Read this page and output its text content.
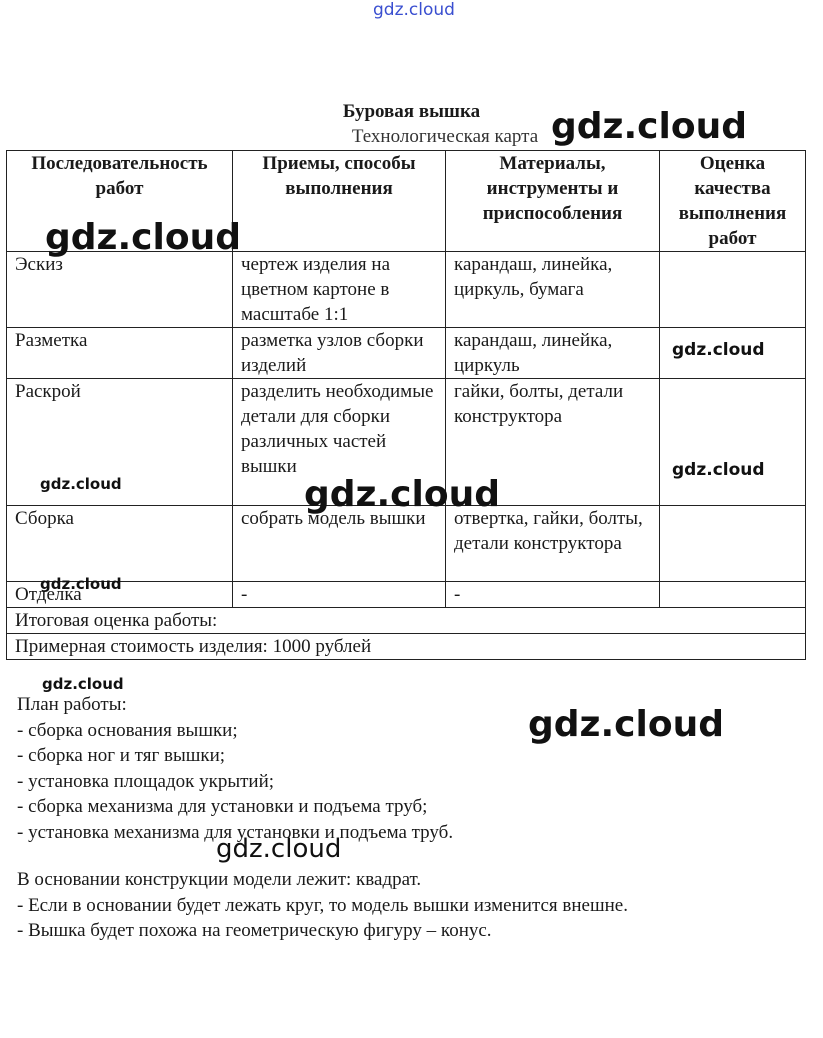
gdz.cloud
Буровая вышка
Технологическая карта
Последовательность работ	Приемы, способы выполнения	Материалы, инструменты и приспособления	Оценка качества выполнения работ
Эскиз	чертеж изделия на цветном картоне в масштабе 1:1	карандаш, линейка, циркуль, бумага	
Разметка	разметка узлов сборки изделий	карандаш, линейка, циркуль	
Раскрой	разделить необходимые детали для сборки различных частей вышки	гайки, болты, детали конструктора	
Сборка	собрать модель вышки	отвертка, гайки, болты, детали конструктора	
Отделка	-	-	
Итоговая оценка работы:			
Примерная стоимость изделия: 1000 рублей			
План работы:
- сборка основания вышки;
- сборка ног и тяг вышки;
- установка площадок укрытий;
- сборка механизма для установки и подъема труб;
- установка механизма для установки и подъема труб.
В основании конструкции модели лежит: квадрат.
- Если в основании будет лежать круг, то модель вышки изменится внешне.
- Вышка будет похожа на геометрическую фигуру – конус.
gdz.cloud
gdz.cloud
gdz.cloud
gdz.cloud
gdz.cloud	gdz.cloud
gdz.cloud
gdz.cloud
gdz.cloud
gdz.cloud
